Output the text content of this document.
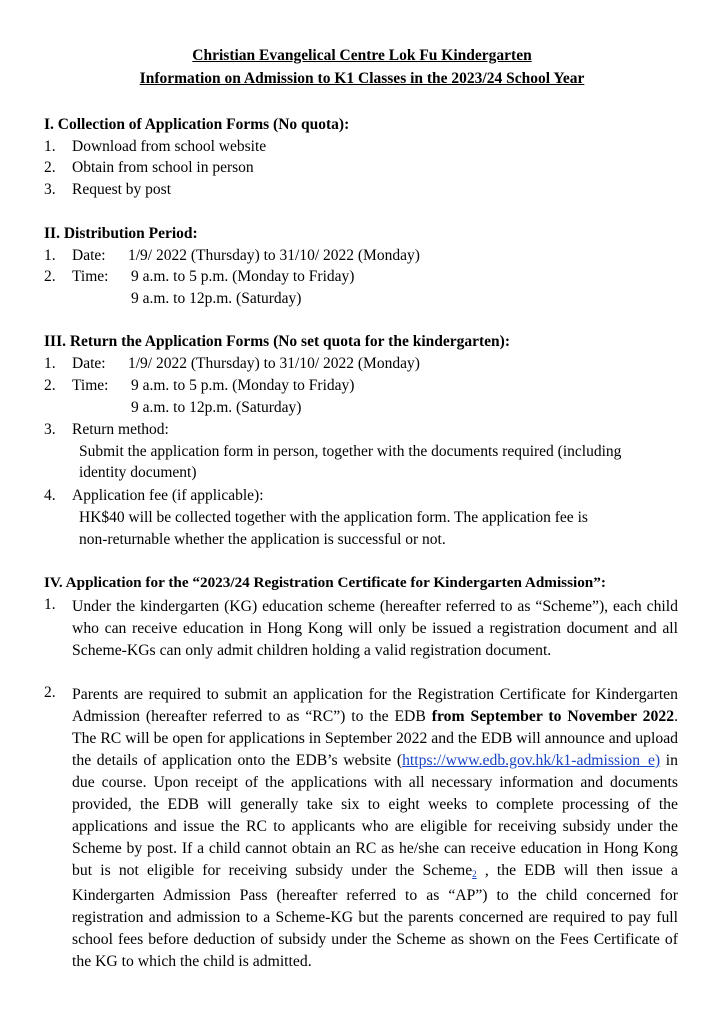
Christian Evangelical Centre Lok Fu Kindergarten
Information on Admission to K1 Classes in the 2023/24 School Year
I. Collection of Application Forms (No quota):
1. Download from school website
2. Obtain from school in person
3. Request by post
II. Distribution Period:
1. Date: 1/9/ 2022 (Thursday) to 31/10/ 2022 (Monday)
2. Time: 9 a.m. to 5 p.m. (Monday to Friday)
9 a.m. to 12p.m. (Saturday)
III. Return the Application Forms (No set quota for the kindergarten):
1. Date: 1/9/ 2022 (Thursday) to 31/10/ 2022 (Monday)
2. Time: 9 a.m. to 5 p.m. (Monday to Friday)
9 a.m. to 12p.m. (Saturday)
3. Return method:
Submit the application form in person, together with the documents required (including
identity document)
4. Application fee (if applicable):
HK$40 will be collected together with the application form. The application fee is
non-returnable whether the application is successful or not.
IV. Application for the “2023/24 Registration Certificate for Kindergarten Admission”:
1. Under the kindergarten (KG) education scheme (hereafter referred to as “Scheme”), each child who can receive education in Hong Kong will only be issued a registration document and all Scheme-KGs can only admit children holding a valid registration document.
2. Parents are required to submit an application for the Registration Certificate for Kindergarten Admission (hereafter referred to as “RC”) to the EDB from September to November 2022. The RC will be open for applications in September 2022 and the EDB will announce and upload the details of application onto the EDB’s website (https://www.edb.gov.hk/k1-admission_e) in due course. Upon receipt of the applications with all necessary information and documents provided, the EDB will generally take six to eight weeks to complete processing of the applications and issue the RC to applicants who are eligible for receiving subsidy under the Scheme by post. If a child cannot obtain an RC as he/she can receive education in Hong Kong but is not eligible for receiving subsidy under the Scheme$_2$ , the EDB will then issue a Kindergarten Admission Pass (hereafter referred to as “AP”) to the child concerned for registration and admission to a Scheme-KG but the parents concerned are required to pay full school fees before deduction of subsidy under the Scheme as shown on the Fees Certificate of the KG to which the child is admitted.
